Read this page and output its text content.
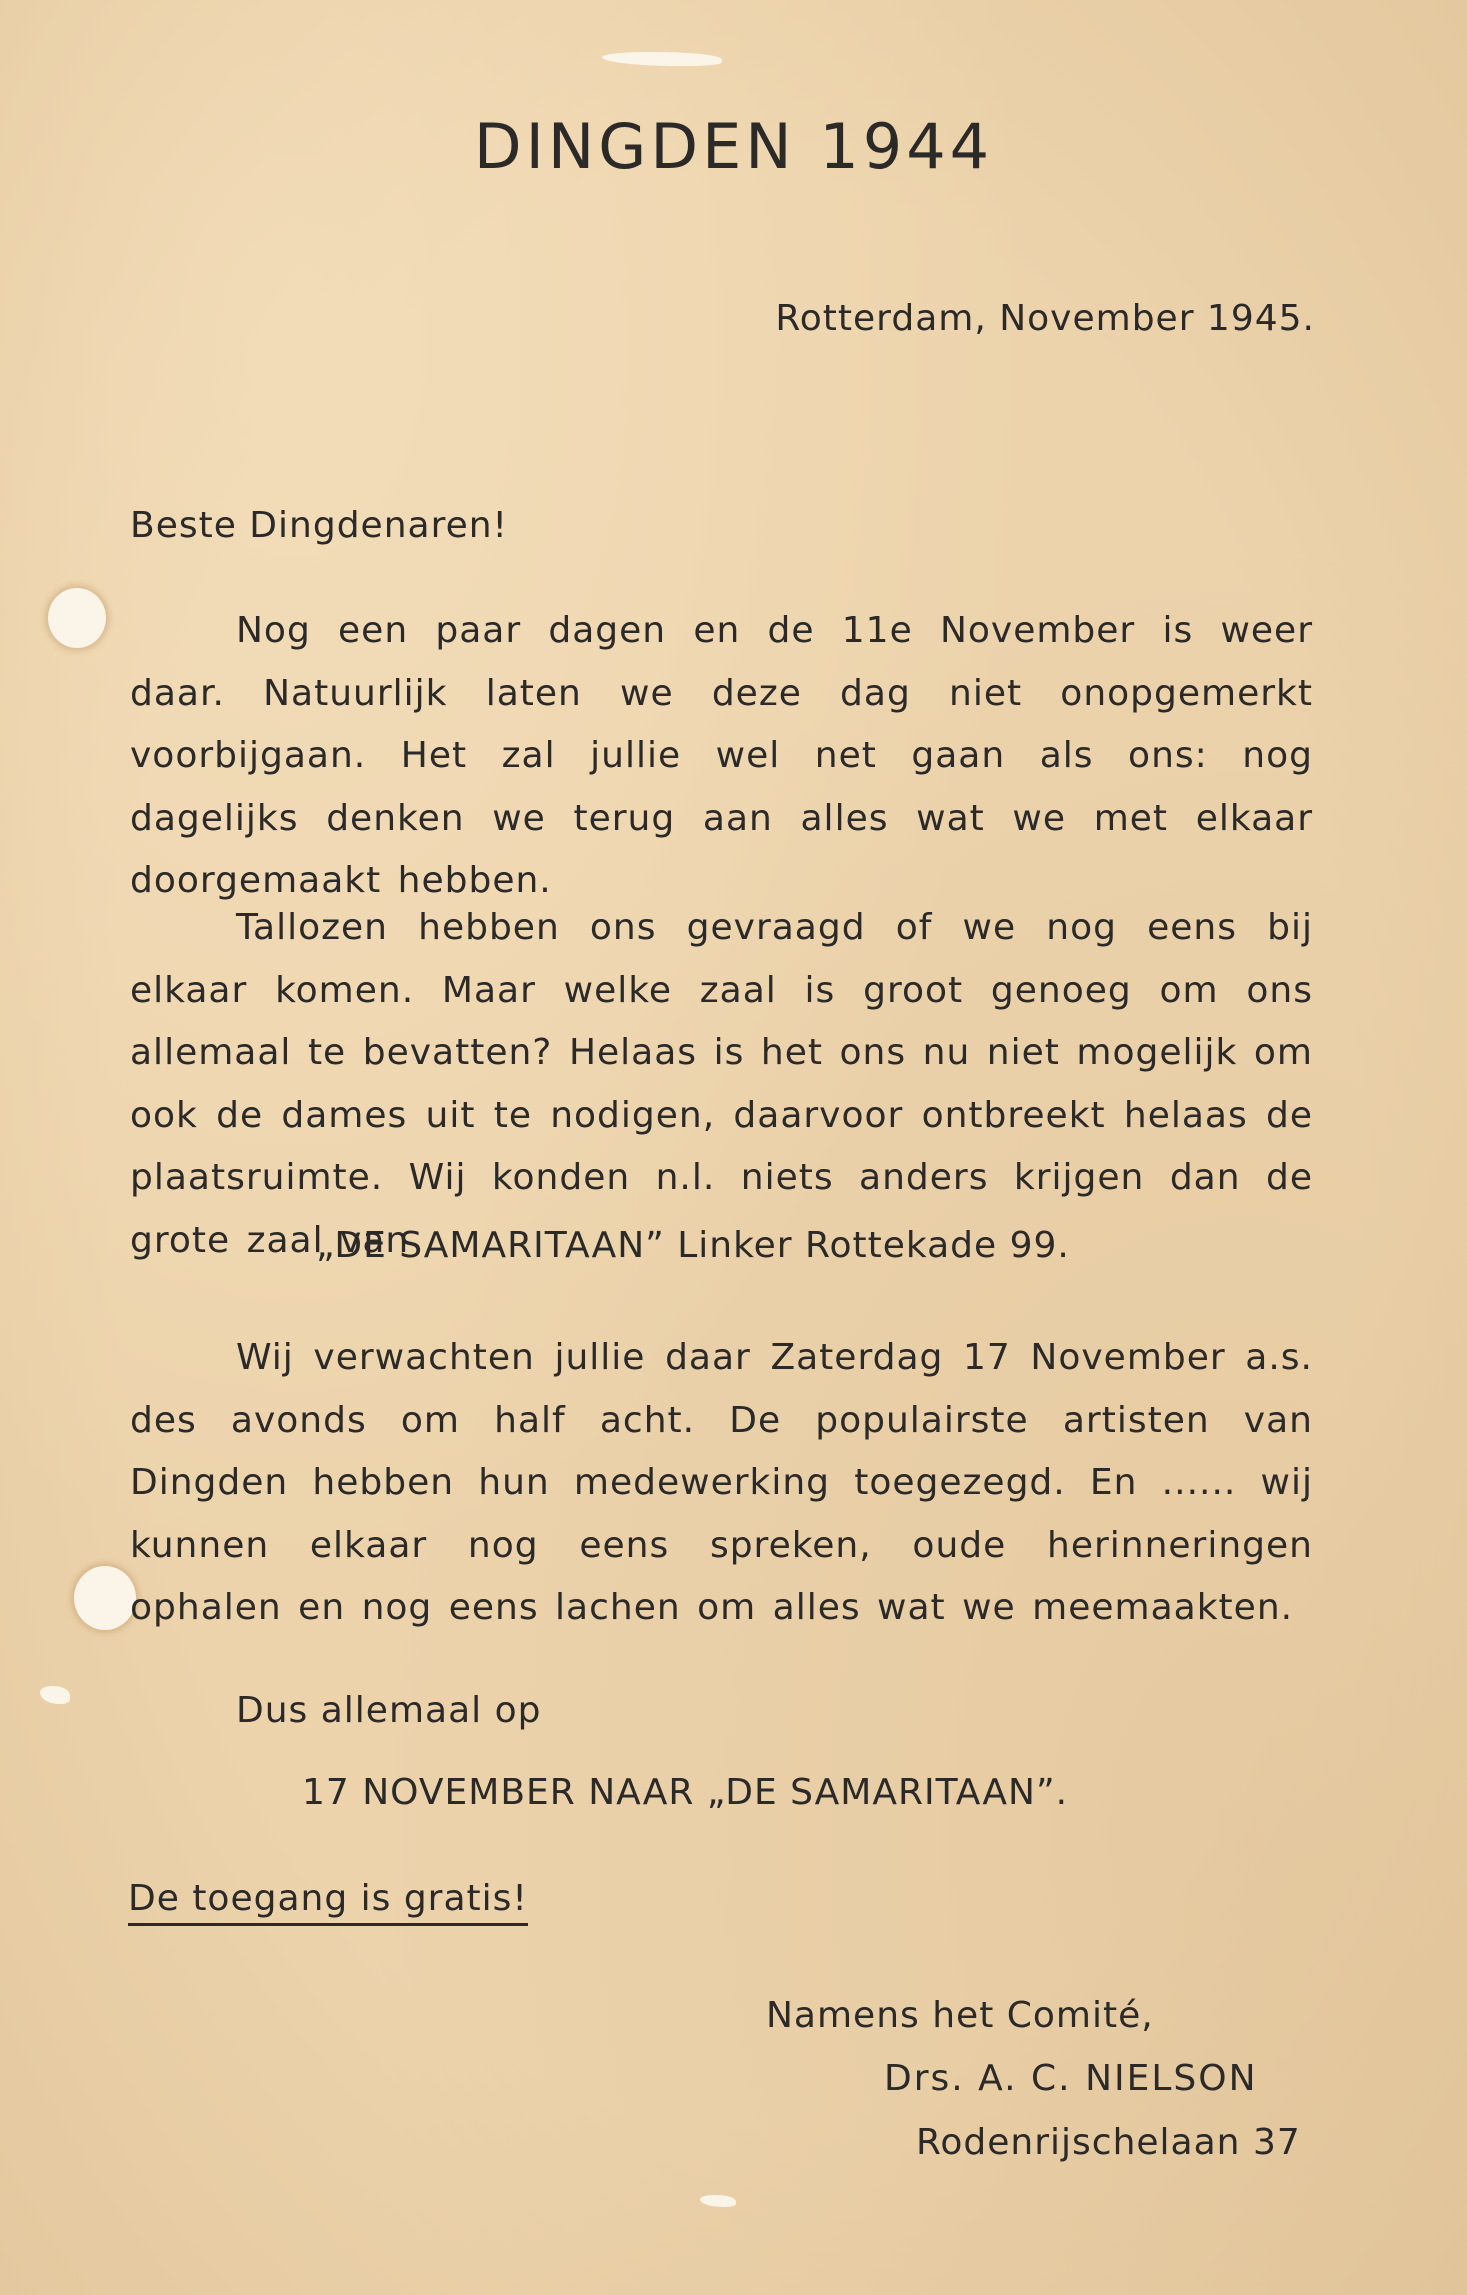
DINGDEN 1944
Rotterdam, November 1945.
Beste Dingdenaren!

Nog een paar dagen en de 11e November is weer daar. Natuurlijk laten we deze dag niet onopgemerkt voorbijgaan. Het zal jullie wel net gaan als ons: nog dagelijks denken we terug aan alles wat we met elkaar doorgemaakt hebben.

Tallozen hebben ons gevraagd of we nog eens bij elkaar komen. Maar welke zaal is groot genoeg om ons allemaal te bevatten? Helaas is het ons nu niet mogelijk om ook de dames uit te nodigen, daarvoor ontbreekt helaas de plaatsruimte. Wij konden n.l. niets anders krijgen dan de grote zaal van

„DE SAMARITAAN” Linker Rottekade 99.

Wij verwachten jullie daar Zaterdag 17 November a.s. des avonds om half acht. De populairste artisten van Dingden hebben hun medewerking toegezegd. En ...... wij kunnen elkaar nog eens spreken, oude herinneringen ophalen en nog eens lachen om alles wat we meemaakten.

Dus allemaal op
17 NOVEMBER NAAR „DE SAMARITAAN”.
De toegang is gratis!
Namens het Comité,
Drs. A. C. NIELSON
Rodenrijschelaan 37
